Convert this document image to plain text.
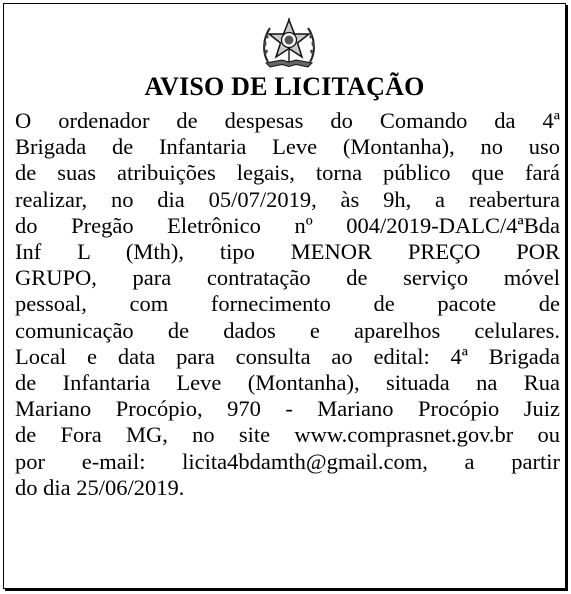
AVISO DE LICITAÇÃO
O ordenador de despesas do Comando da 4ª
Brigada de Infantaria Leve (Montanha), no uso
de suas atribuições legais, torna público que fará
realizar, no dia 05/07/2019, às 9h, a reabertura
do Pregão Eletrônico nº 004/2019-DALC/4ªBda
Inf L (Mth), tipo MENOR PREÇO POR
GRUPO, para contratação de serviço móvel
pessoal, com fornecimento de pacote de
comunicação de dados e aparelhos celulares.
Local e data para consulta ao edital: 4ª Brigada
de Infantaria Leve (Montanha), situada na Rua
Mariano Procópio, 970 - Mariano Procópio Juiz
de Fora MG, no site www.comprasnet.gov.br ou
por e-mail: licita4bdamth@gmail.com, a partir
do dia 25/06/2019.
